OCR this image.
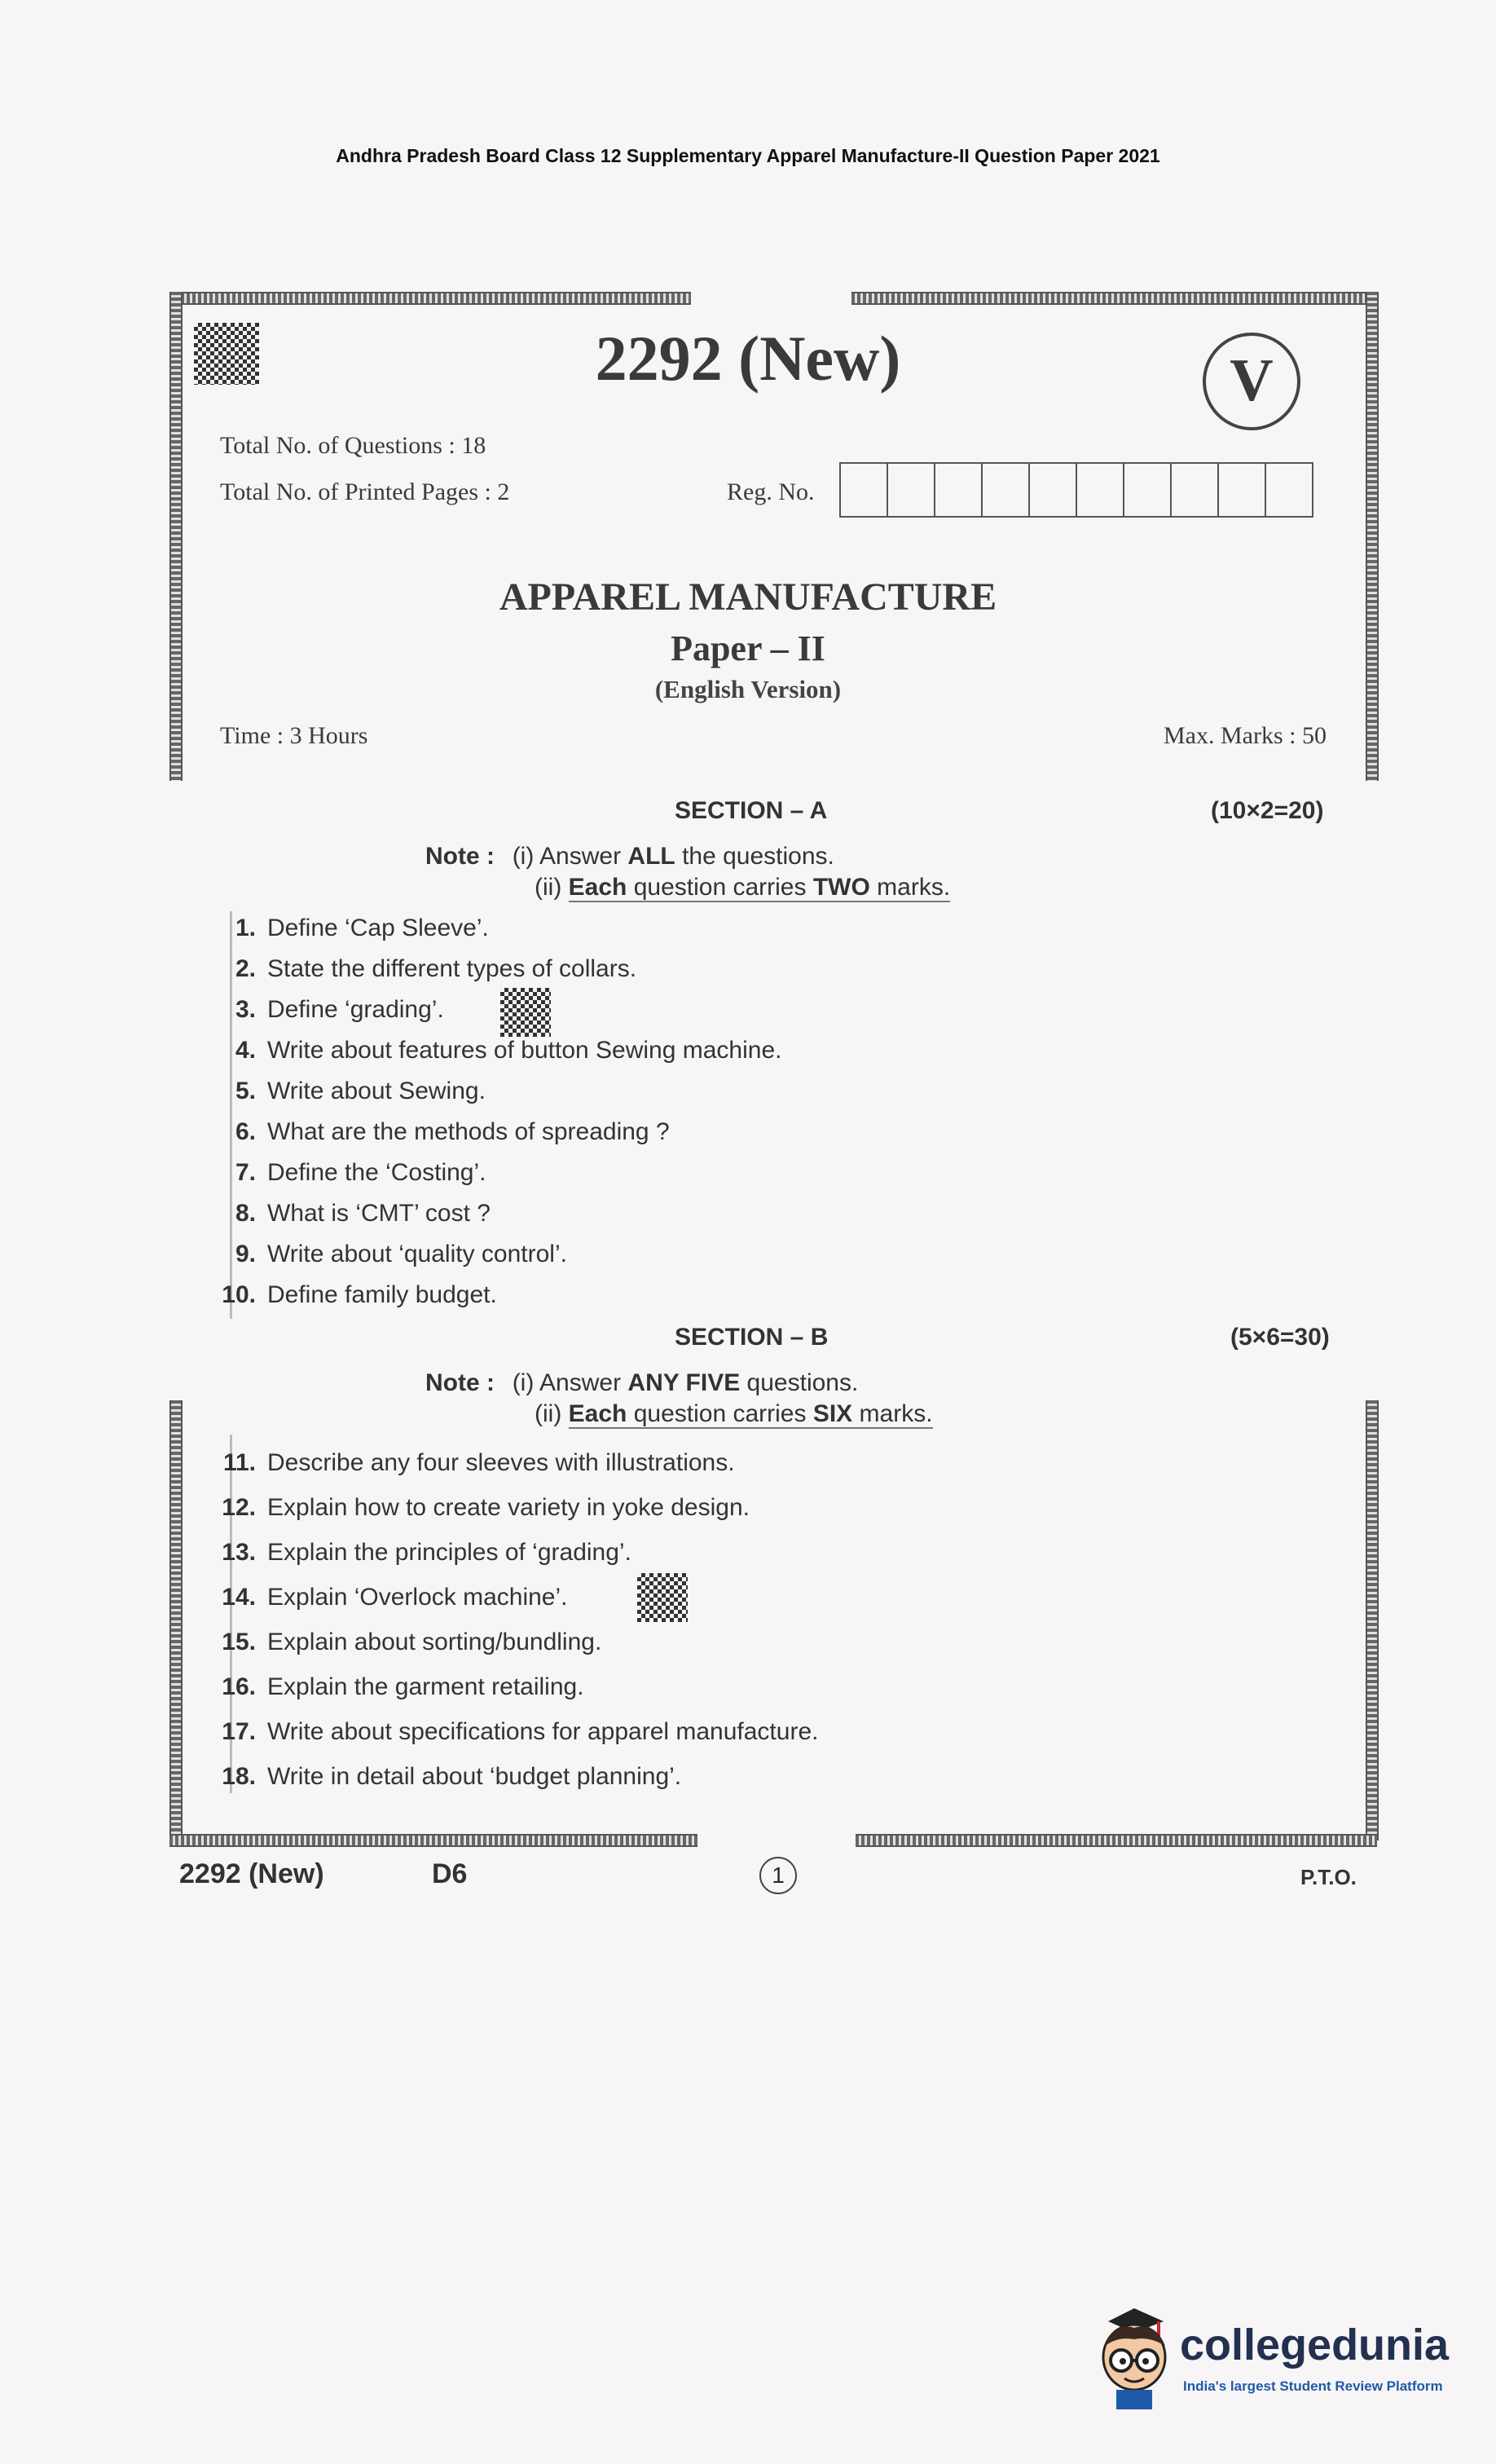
Andhra Pradesh Board Class 12 Supplementary Apparel Manufacture-II Question Paper 2021
2292 (New)	V
Total No. of Questions : 18
Total No. of Printed Pages : 2	Reg. No.
APPAREL MANUFACTURE
Paper – II
(English Version)
Time : 3 Hours	Max. Marks : 50
SECTION – A	(10×2=20)
Note : (i) Answer ALL the questions.
(ii) Each question carries TWO marks.
1. Define ‘Cap Sleeve’.
2. State the different types of collars.
3. Define ‘grading’.
4. Write about features of button Sewing machine.
5. Write about Sewing.
6. What are the methods of spreading ?
7. Define the ‘Costing’.
8. What is ‘CMT’ cost ?
9. Write about ‘quality control’.
10. Define family budget.
SECTION – B	(5×6=30)
Note : (i) Answer ANY FIVE questions.
(ii) Each question carries SIX marks.
11. Describe any four sleeves with illustrations.
12. Explain how to create variety in yoke design.
13. Explain the principles of ‘grading’.
14. Explain ‘Overlock machine’.
15. Explain about sorting/bundling.
16. Explain the garment retailing.
17. Write about specifications for apparel manufacture.
18. Write in detail about ‘budget planning’.
2292 (New)	D6	1	P.T.O.
collegedunia
India's largest Student Review Platform
